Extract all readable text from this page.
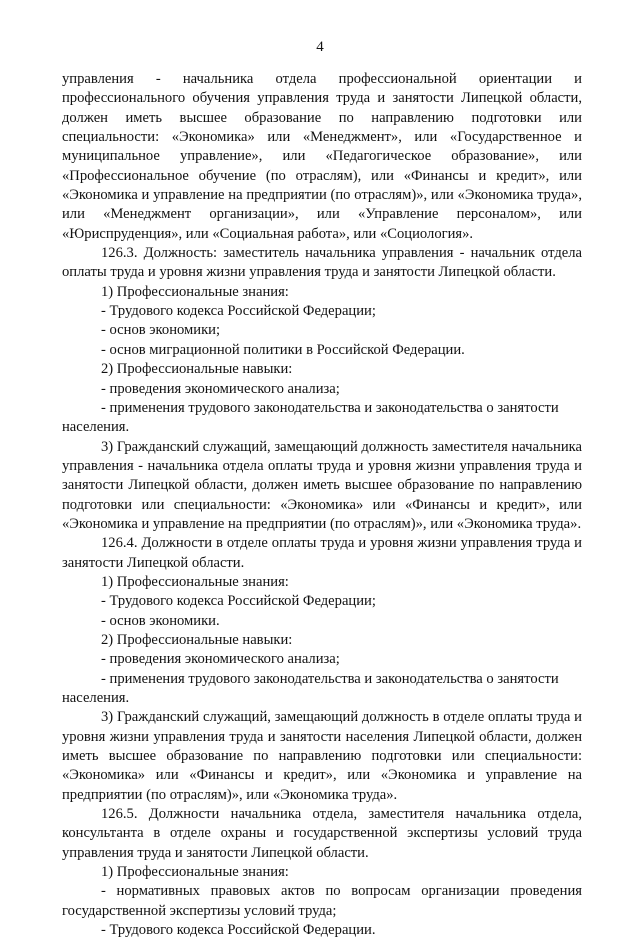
4

управления - начальника отдела профессиональной ориентации и профессионального обучения управления труда и занятости Липецкой области, должен иметь высшее образование по направлению подготовки или специальности: «Экономика» или «Менеджмент», или «Государственное и муниципальное управление», или «Педагогическое образование», или «Профессиональное обучение (по отраслям), или «Финансы и кредит», или «Экономика и управление на предприятии (по отраслям)», или «Экономика труда», или «Менеджмент организации», или «Управление персоналом», или «Юриспруденция», или «Социальная работа», или «Социология».

126.3. Должность: заместитель начальника управления - начальник отдела оплаты труда и уровня жизни управления труда и занятости Липецкой области.

1) Профессиональные знания:

- Трудового кодекса Российской Федерации;

- основ экономики;

- основ миграционной политики в Российской Федерации.

2) Профессиональные навыки:

- проведения экономического анализа;

- применения трудового законодательства и законодательства о занятости населения.

3) Гражданский служащий, замещающий должность заместителя начальника управления - начальника отдела оплаты труда и уровня жизни управления труда и занятости Липецкой области, должен иметь высшее образование по направлению подготовки или специальности: «Экономика» или «Финансы и кредит», или «Экономика и управление на предприятии (по отраслям)», или «Экономика труда».

126.4. Должности в отделе оплаты труда и уровня жизни управления труда и занятости Липецкой области.

1) Профессиональные знания:

- Трудового кодекса Российской Федерации;

- основ экономики.

2) Профессиональные навыки:

- проведения экономического анализа;

- применения трудового законодательства и законодательства о занятости населения.

3) Гражданский служащий, замещающий должность в отделе оплаты труда и уровня жизни управления труда и занятости населения Липецкой области, должен иметь высшее образование по направлению подготовки или специальности: «Экономика» или «Финансы и кредит», или «Экономика и управление на предприятии (по отраслям)», или «Экономика труда».

126.5. Должности начальника отдела, заместителя начальника отдела, консультанта в отделе охраны и государственной экспертизы условий труда управления труда и занятости Липецкой области.

1) Профессиональные знания:

- нормативных правовых актов по вопросам организации проведения государственной экспертизы условий труда;

- Трудового кодекса Российской Федерации.
